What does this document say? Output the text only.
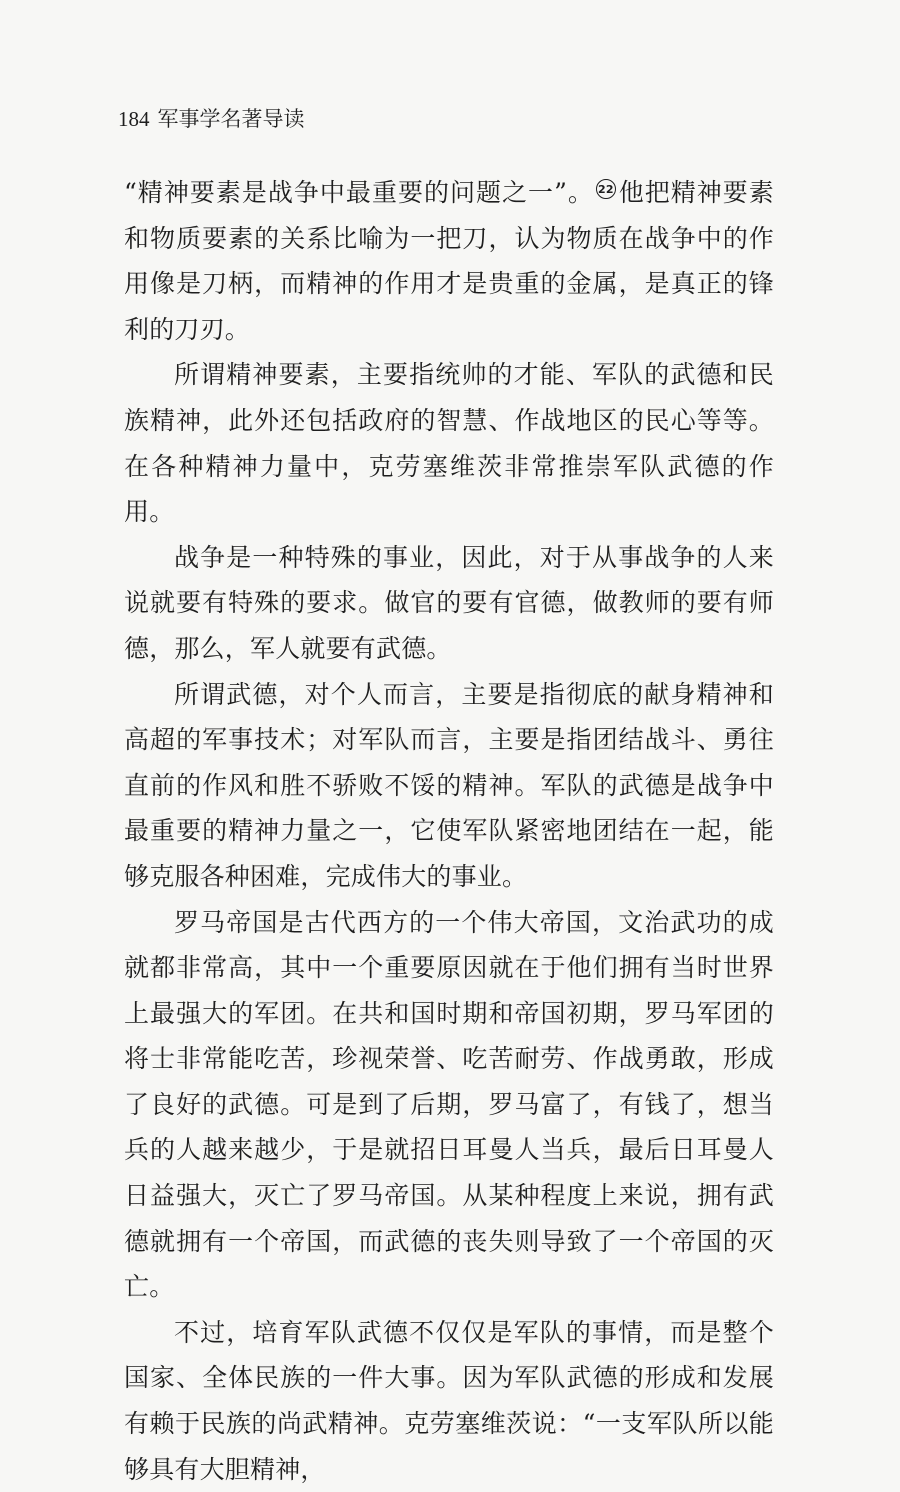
184 军事学名著导读

“精神要素是战争中最重要的问题之一”。 22 他把精神要素和物质要素的关系比喻为一把刀，认为物质在战争中的作用像是刀柄，而精神的作用才是贵重的金属，是真正的锋利的刀刃。

所谓精神要素，主要指统帅的才能、军队的武德和民族精神，此外还包括政府的智慧、作战地区的民心等等。在各种精神力量中，克劳塞维茨非常推崇军队武德的作用。

战争是一种特殊的事业，因此，对于从事战争的人来说就要有特殊的要求。做官的要有官德，做教师的要有师德，那么，军人就要有武德。

所谓武德，对个人而言，主要是指彻底的献身精神和高超的军事技术；对军队而言，主要是指团结战斗、勇往直前的作风和胜不骄败不馁的精神。军队的武德是战争中最重要的精神力量之一，它使军队紧密地团结在一起，能够克服各种困难，完成伟大的事业。

罗马帝国是古代西方的一个伟大帝国，文治武功的成就都非常高，其中一个重要原因就在于他们拥有当时世界上最强大的军团。在共和国时期和帝国初期，罗马军团的将士非常能吃苦，珍视荣誉、吃苦耐劳、作战勇敢，形成了良好的武德。可是到了后期，罗马富了，有钱了，想当兵的人越来越少，于是就招日耳曼人当兵，最后日耳曼人日益强大，灭亡了罗马帝国。从某种程度上来说，拥有武德就拥有一个帝国，而武德的丧失则导致了一个帝国的灭亡。

不过，培育军队武德不仅仅是军队的事情，而是整个国家、全体民族的一件大事。因为军队武德的形成和发展有赖于民族的尚武精神。克劳塞维茨说：“一支军队所以能够具有大胆精神，
